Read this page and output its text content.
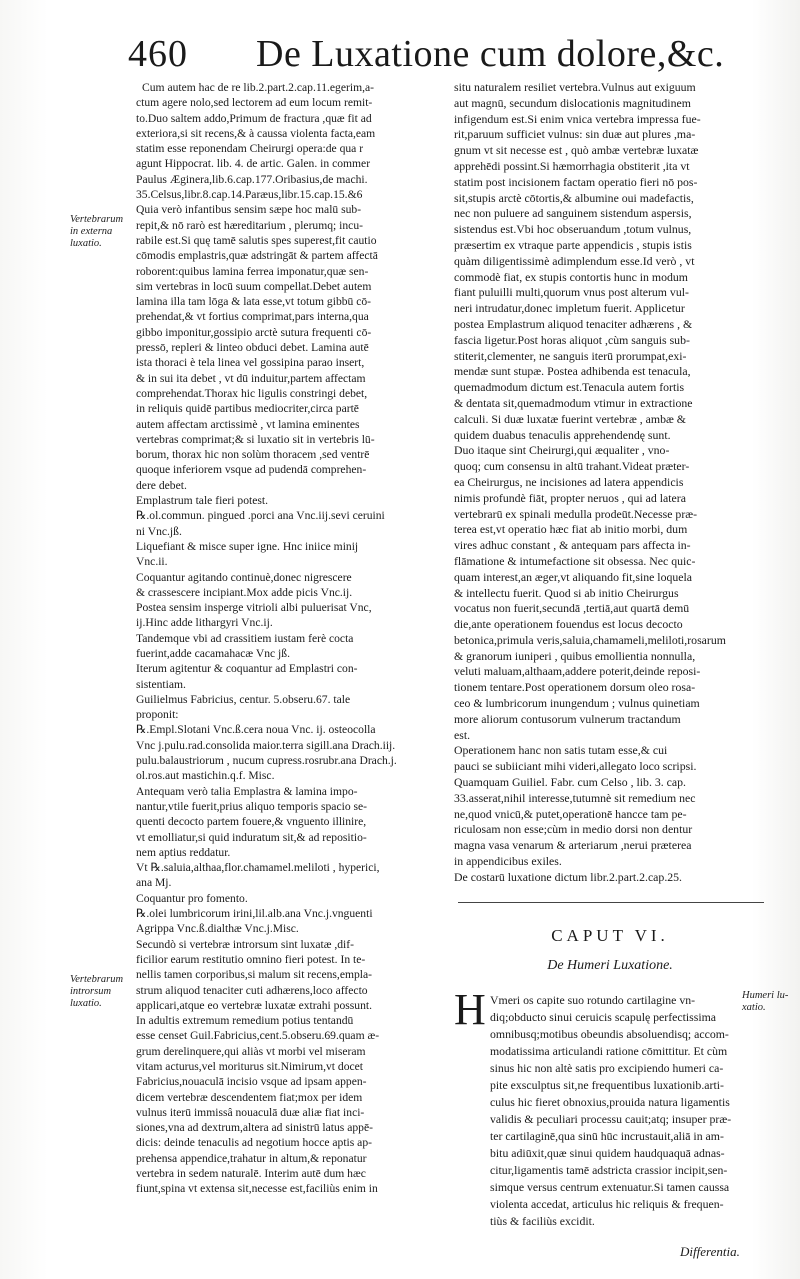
460 De Luxatione cum dolore,&c.
Vertebrarum
in externa
luxatio.
Vertebrarum
introrsum
luxatio.
Humeri lu-
xatio.
Cum autem hac de re lib.2.part.2.cap.11.egerim,a-
ctum agere nolo,sed lectorem ad eum locum remit-
to.Duo saltem addo,Primum de fractura ,quæ fit ad
exteriora,si sit recens,& à caussa violenta facta,eam
statim esse reponendam Cheirurgi opera:de qua r
agunt Hippocrat. lib. 4. de artic. Galen. in commer
Paulus Æginera,lib.6.cap.177.Oribasius,de machi.
35.Celsus,libr.8.cap.14.Paræus,libr.15.cap.15.&6
Quia verò infantibus sensim sæpe hoc malū sub-
repit,& nō rarò est hæreditarium , plerumq; incu-
rabile est.Si quę tamē salutis spes superest,fit cautio
cōmodis emplastris,quæ adstringāt & partem affectā
roborent:quibus lamina ferrea imponatur,quæ sen-
sim vertebras in locū suum compellat.Debet autem
lamina illa tam lōga & lata esse,vt totum gibbū cō-
prehendat,& vt fortius comprimat,pars interna,qua
gibbo imponitur,gossipio arctè sutura frequenti cō-
pressō, repleri & linteo obduci debet. Lamina autē
ista thoraci è tela linea vel gossipina parao insert,
& in sui ita debet , vt dū induitur,partem affectam
comprehendat.Thorax hic ligulis constringi debet,
in reliquis quidē partibus mediocriter,circa partē
autem affectam arctissimè , vt lamina eminentes
vertebras comprimat;& si luxatio sit in vertebris lū-
borum, thorax hic non solùm thoracem ,sed ventrē
quoque inferiorem vsque ad pudendā comprehen-
dere debet.
Emplastrum tale fieri potest.
℞.ol.commun. pingued .porci ana Vnc.iij.sevi ceruini
ni Vnc.jß.
Liquefiant & misce super igne. Hnc iniice minij
Vnc.ii.
Coquantur agitando continuè,donec nigrescere
& crassescere incipiant.Mox adde picis Vnc.ij.
Postea sensim insperge vitrioli albi puluerisat Vnc,
ij.Hinc adde lithargyri Vnc.ij.
Tandemque vbi ad crassitiem iustam ferè cocta
fuerint,adde cacamahacæ Vnc jß.
Iterum agitentur & coquantur ad Emplastri con-
sistentiam.
Guilielmus Fabricius, centur. 5.obseru.67. tale
proponit:
℞.Empl.Slotani Vnc.ß.cera noua Vnc. ij. osteocolla
Vnc j.pulu.rad.consolida maior.terra sigill.ana Drach.iij.
pulu.balaustriorum , nucum cupress.rosrubr.ana Drach.j.
ol.ros.aut mastichin.q.f. Misc.
Antequam verò talia Emplastra & lamina impo-
nantur,vtile fuerit,prius aliquo temporis spacio se-
quenti decocto partem fouere,& vnguento illinire,
vt emolliatur,si quid induratum sit,& ad repositio-
nem aptius reddatur.
Vt ℞.saluia,althaa,flor.chamamel.meliloti , hyperici,
ana Mj.
Coquantur pro fomento.
℞.olei lumbricorum irini,lil.alb.ana Vnc.j.vnguenti
Agrippa Vnc.ß.dialthæ Vnc.j.Misc.
Secundò si vertebræ introrsum sint luxatæ ,dif-
ficilior earum restitutio omnino fieri potest. In te-
nellis tamen corporibus,si malum sit recens,empla-
strum aliquod tenaciter cuti adhærens,loco affecto
applicari,atque eo vertebræ luxatæ extrahi possunt.
In adultis extremum remedium potius tentandū
esse censet Guil.Fabricius,cent.5.obseru.69.quam æ-
grum derelinquere,qui aliàs vt morbi vel miseram
vitam acturus,vel moriturus sit.Nimirum,vt docet
Fabricius,nouaculā incisio vsque ad ipsam appen-
dicem vertebræ descendentem fiat;mox per idem
vulnus iterū immissâ nouaculā duæ aliæ fiat inci-
siones,vna ad dextrum,altera ad sinistrū latus appē-
dicis: deinde tenaculis ad negotium hocce aptis ap-
prehensa appendice,trahatur in altum,& reponatur
vertebra in sedem naturalē. Interim autē dum hæc
fiunt,spina vt extensa sit,necesse est,faciliùs enim in
situ naturalem resiliet vertebra.Vulnus aut exiguum
aut magnū, secundum dislocationis magnitudinem
infigendum est.Si enim vnica vertebra impressa fue-
rit,paruum sufficiet vulnus: sin duæ aut plures ,ma-
gnum vt sit necesse est , quò ambæ vertebræ luxatæ
apprehēdi possint.Si hæmorrhagia obstiterit ,ita vt
statim post incisionem factam operatio fieri nō pos-
sit,stupis arctè cōtortis,& albumine oui madefactis,
nec non puluere ad sanguinem sistendum aspersis,
sistendus est.Vbi hoc obseruandum ,totum vulnus,
præsertim ex vtraque parte appendicis , stupis istis
quàm diligentissimè adimplendum esse.Id verò , vt
commodè fiat, ex stupis contortis hunc in modum
fiant puluilli multi,quorum vnus post alterum vul-
neri intrudatur,donec impletum fuerit. Applicetur
postea Emplastrum aliquod tenaciter adhærens , &
fascia ligetur.Post horas aliquot ,cùm sanguis sub-
stiterit,clementer, ne sanguis iterū prorumpat,exi-
mendæ sunt stupæ. Postea adhibenda est tenacula,
quemadmodum dictum est.Tenacula autem fortis
& dentata sit,quemadmodum vtimur in extractione
calculi. Si duæ luxatæ fuerint vertebræ , ambæ &
quidem duabus tenaculis apprehendendę sunt.
Duo itaque sint Cheirurgi,qui æqualiter , vno-
quoq; cum consensu in altū trahant.Videat præter-
ea Cheirurgus, ne incisiones ad latera appendicis
nimis profundè fiāt, propter neruos , qui ad latera
vertebrarū ex spinali medulla prodeūt.Necesse præ-
terea est,vt operatio hæc fiat ab initio morbi, dum
vires adhuc constant , & antequam pars affecta in-
flāmatione & intumefactione sit obsessa. Nec quic-
quam interest,an æger,vt aliquando fit,sine loquela
& intellectu fuerit. Quod si ab initio Cheirurgus
vocatus non fuerit,secundā ,tertiā,aut quartā demū
die,ante operationem fouendus est locus decocto
betonica,primula veris,saluia,chamameli,meliloti,rosarum
& granorum iuniperi , quibus emollientia nonnulla,
veluti maluam,althaam,addere poterit,deinde reposi-
tionem tentare.Post operationem dorsum oleo rosa-
ceo & lumbricorum inungendum ; vulnus quinetiam
more aliorum contusorum vulnerum tractandum
est.
Operationem hanc non satis tutam esse,& cui
pauci se subiiciant mihi videri,allegato loco scripsi.
Quamquam Guiliel. Fabr. cum Celso , lib. 3. cap.
33.asserat,nihil interesse,tutumnè sit remedium nec
ne,quod vnicū,& putet,operationē hancce tam pe-
riculosam non esse;cùm in medio dorsi non dentur
magna vasa venarum & arteriarum ,nerui præterea
in appendicibus exiles.
De costarū luxatione dictum libr.2.part.2.cap.25.
CAPUT VI.
De Humeri Luxatione.
H Vmeri os capite suo rotundo cartilagine vn-
diq;obducto sinui ceruicis scapulę perfectissima
omnibusq;motibus obeundis absoluendisq; accom-
modatissima articulandi ratione cōmittitur. Et cùm
sinus hic non altè satis pro excipiendo humeri ca-
pite exsculptus sit,ne frequentibus luxationib.arti-
culus hic fieret obnoxius,prouida natura ligamentis
validis & peculiari processu cauit;atq; insuper præ-
ter cartilaginē,qua sinū hūc incrustauit,aliā in am-
bitu adiūxit,quæ sinui quidem haudquaquā adnas-
citur,ligamentis tamē adstricta crassior incipit,sen-
simque versus centrum extenuatur.Si tamen caussa
violenta accedat, articulus hic reliquis & frequen-
tiùs & faciliùs excidit.
Differentia.
